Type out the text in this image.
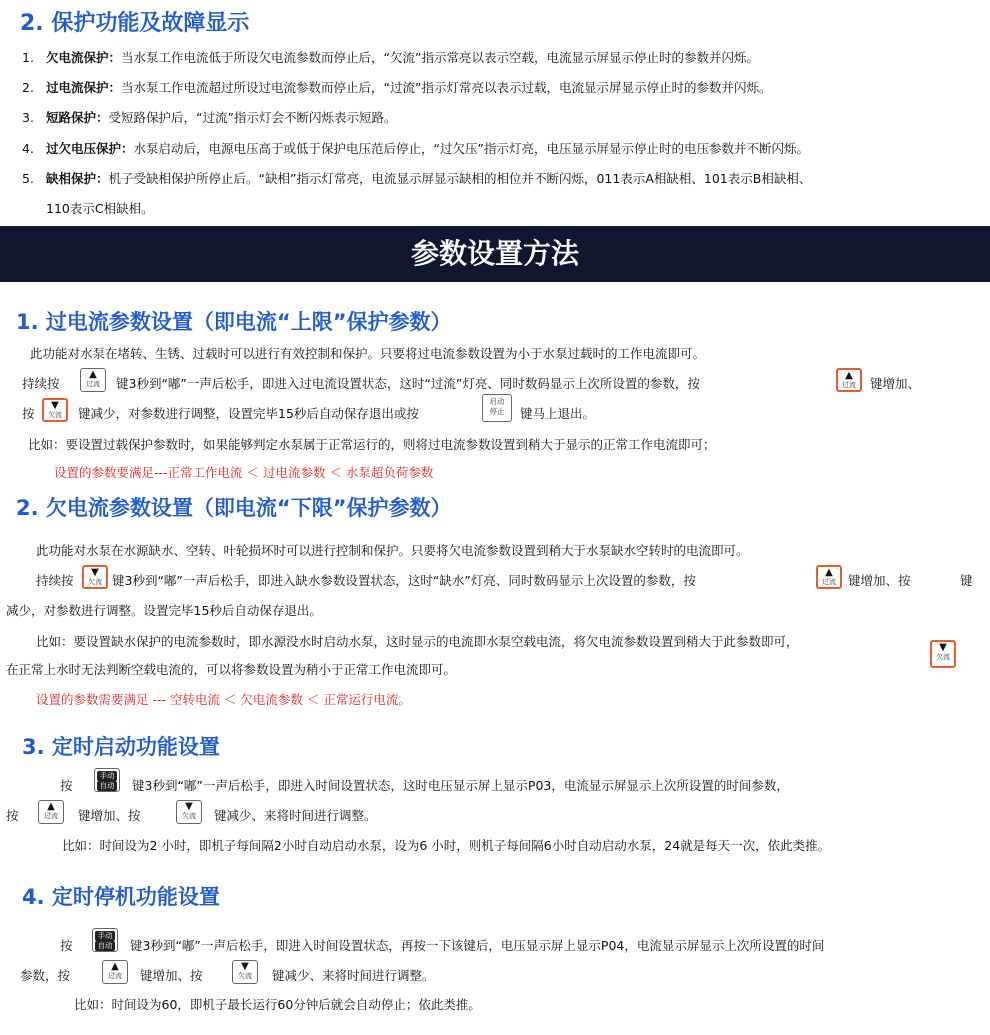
2. 保护功能及故障显示
1. 欠电流保护：当水泵工作电流低于所设欠电流参数而停止后，“欠流”指示常亮以表示空载，电流显示屏显示停止时的参数并闪烁。
2. 过电流保护：当水泵工作电流超过所设过电流参数而停止后，“过流”指示灯常亮以表示过载，电流显示屏显示停止时的参数并闪烁。
3. 短路保护：受短路保护后，“过流”指示灯会不断闪烁表示短路。
4. 过欠电压保护：水泵启动后，电源电压高于或低于保护电压范后停止，“过欠压”指示灯亮，电压显示屏显示停止时的电压参数并不断闪烁。
5. 缺相保护：机子受缺相保护所停止后。“缺相”指示灯常亮，电流显示屏显示缺相的相位并不断闪烁，011表示A相缺相、101表示B相缺相、
110表示C相缺相。
参数设置方法
1. 过电流参数设置（即电流“上限”保护参数）
此功能对水泵在堵转、生锈、过载时可以进行有效控制和保护。只要将过电流参数设置为小于水泵过载时的工作电流即可。
持续按
▲
过流	键3秒到“嘟”一声后松手，即进入过电流设置状态，这时“过流”灯亮、同时数码显示上次所设置的参数，按
▲
过流	键增加、
按
▼
欠流	键减少，对参数进行调整，设置完毕15秒后自动保存退出或按
启动
停止	键马上退出。
比如：要设置过载保护参数时，如果能够判定水泵属于正常运行的，则将过电流参数设置到稍大于显示的正常工作电流即可；
设置的参数要满足---正常工作电流 ＜ 过电流参数 ＜ 水泵超负荷参数
2. 欠电流参数设置（即电流“下限”保护参数）
此功能对水泵在水源缺水、空转、叶轮损坏时可以进行控制和保护。只要将欠电流参数设置到稍大于水泵缺水空转时的电流即可。
持续按
▼
欠流 键3秒到“嘟”一声后松手，即进入缺水参数设置状态，这时“缺水”灯亮、同时数码显示上次设置的参数，按
▲
过流 键增加、按	键
减少，对参数进行调整。设置完毕15秒后自动保存退出。
比如：要设置缺水保护的电流参数时，即水源没水时启动水泵，这时显示的电流即水泵空载电流，将欠电流参数设置到稍大于此参数即可，	▼
欠流
在正常上水时无法判断空载电流的，可以将参数设置为稍小于正常工作电流即可。
设置的参数需要满足 --- 空转电流 ＜ 欠电流参数 ＜ 正常运行电流。
3. 定时启动功能设置
按
手动
自动 键3秒到“嘟”一声后松手，即进入时间设置状态，这时电压显示屏上显示P03，电流显示屏显示上次所设置的时间参数，
按
▲
过流	键增加、按
▼
欠流	键减少、来将时间进行调整。
比如：时间设为2 小时，即机子每间隔2小时自动启动水泵，设为6 小时，则机子每间隔6小时自动启动水泵，24就是每天一次，依此类推。
4. 定时停机功能设置
按
手动
自动 键3秒到“嘟”一声后松手，即进入时间设置状态，再按一下该键后，电压显示屏上显示P04，电流显示屏显示上次所设置的时间
参数，按
▲
过流	键增加、按
▼
欠流	键减少、来将时间进行调整。
比如：时间设为60，即机子最长运行60分钟后就会自动停止；依此类推。
